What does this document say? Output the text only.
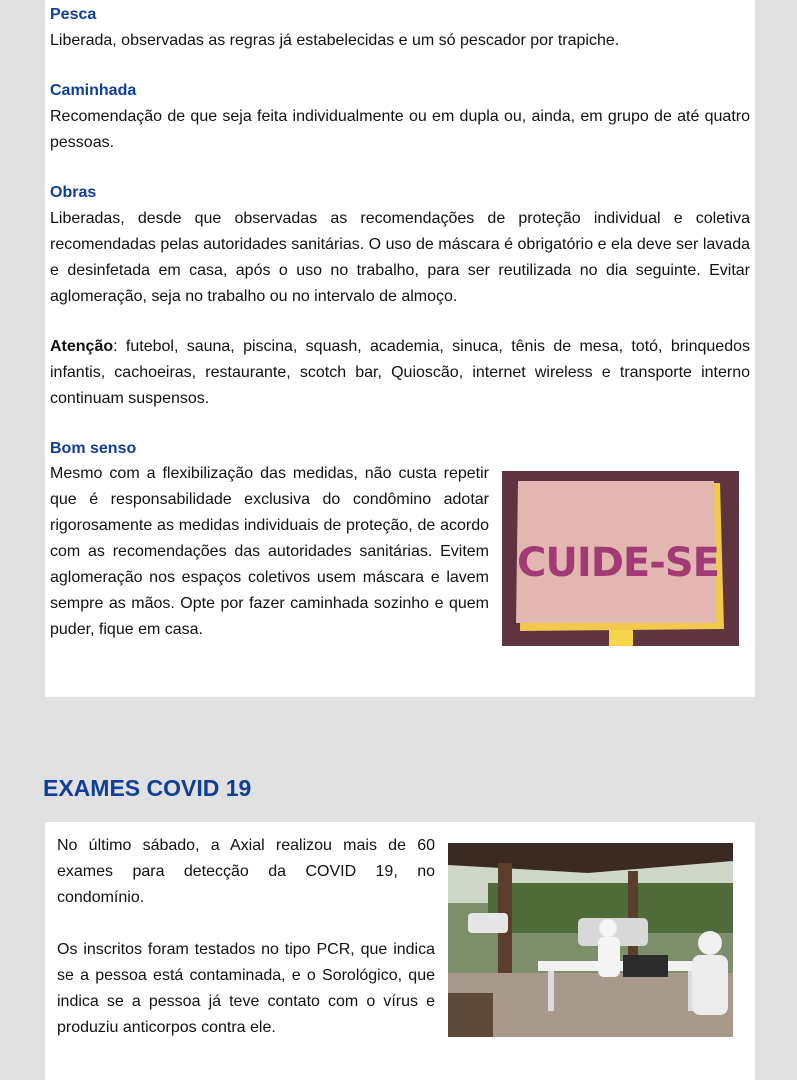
Pesca

Liberada, observadas as regras já estabelecidas e um só pescador por trapiche.

Caminhada

Recomendação de que seja feita individualmente ou em dupla ou, ainda, em grupo de até quatro pessoas.

Obras

Liberadas, desde que observadas as recomendações de proteção individual e coletiva recomendadas pelas autoridades sanitárias. O uso de máscara é obrigatório e ela deve ser lavada e desinfetada em casa, após o uso no trabalho, para ser reutilizada no dia seguinte. Evitar aglomeração, seja no trabalho ou no intervalo de almoço.

Atenção: futebol, sauna, piscina, squash, academia, sinuca, tênis de mesa, totó, brinquedos infantis, cachoeiras, restaurante, scotch bar, Quioscão, internet wireless e transporte interno continuam suspensos.

Bom senso

Mesmo com a flexibilização das medidas, não custa repetir que é responsabilidade exclusiva do condômino adotar rigorosamente as medidas individuais de proteção, de acordo com as recomendações das autoridades sanitárias. Evitem aglomeração nos espaços coletivos usem máscara e lavem sempre as mãos. Opte por fazer caminhada sozinho e quem puder, fique em casa.

CUIDE-SE
EXAMES COVID 19

No último sábado, a Axial realizou mais de 60 exames para detecção da COVID 19, no condomínio.

Os inscritos foram testados no tipo PCR, que indica se a pessoa está contaminada, e o Sorológico, que indica se a pessoa já teve contato com o vírus e produziu anticorpos contra ele.
